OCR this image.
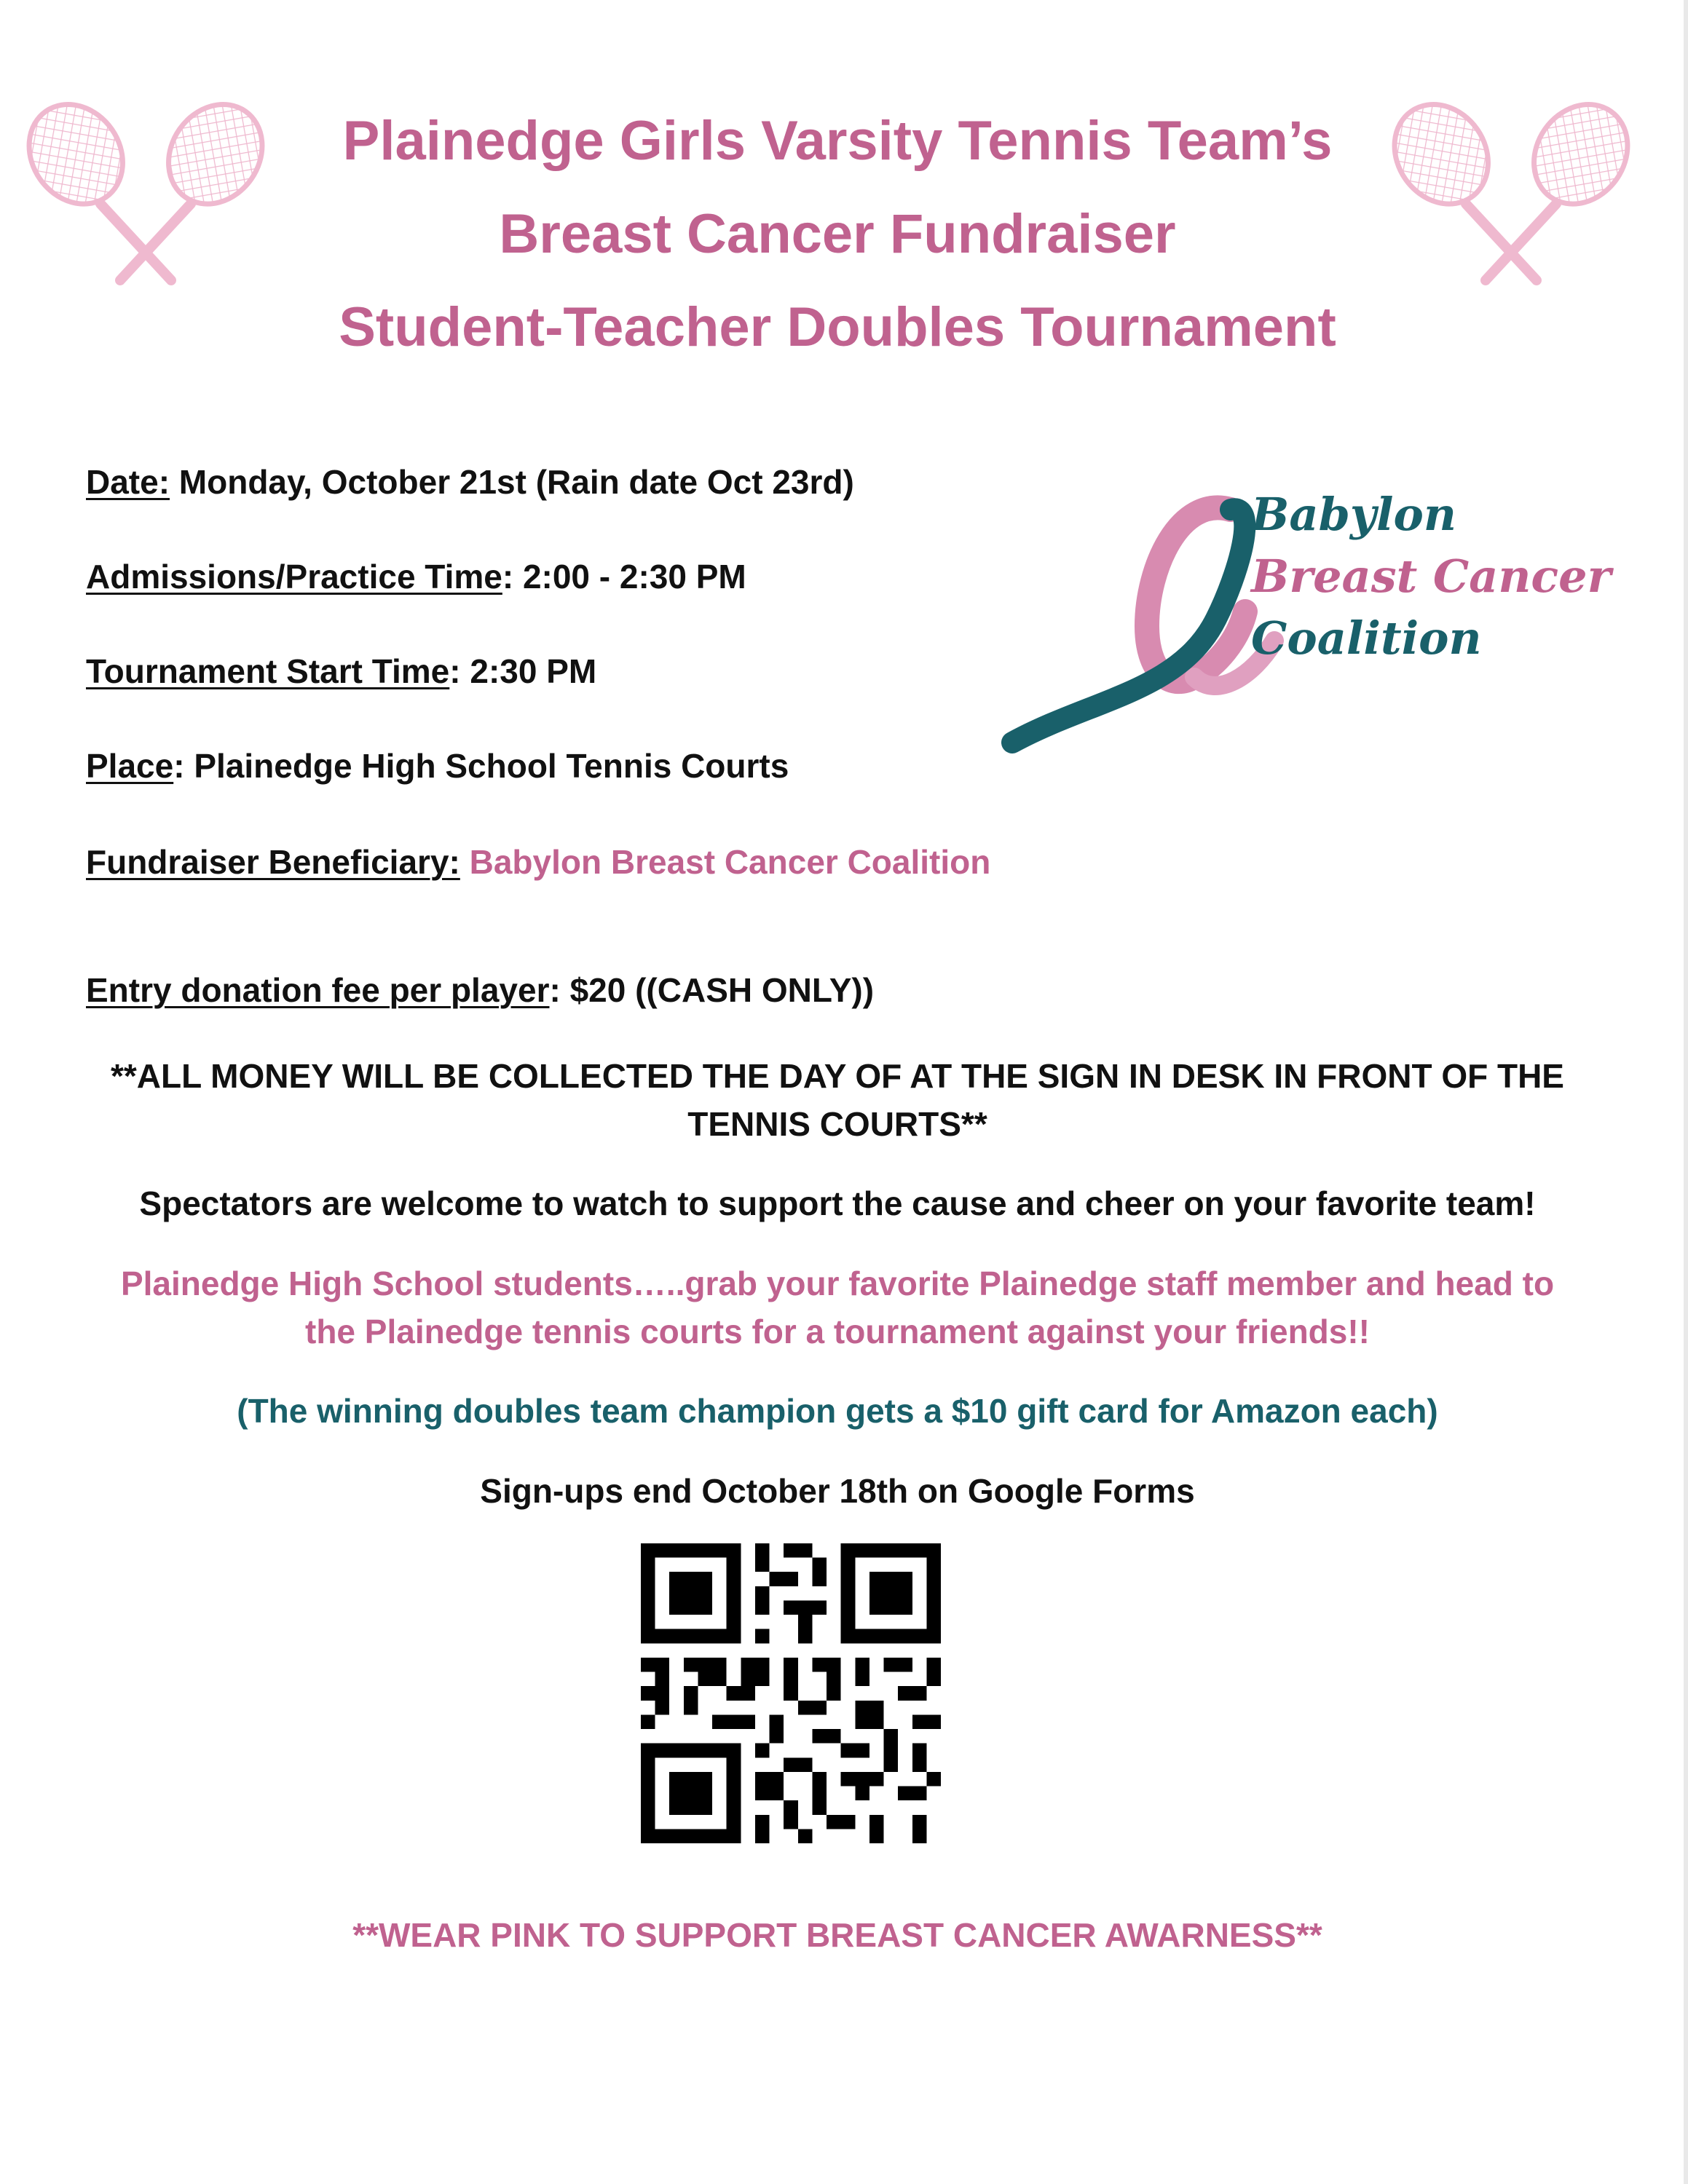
Plainedge Girls Varsity Tennis Team’s
Breast Cancer Fundraiser
Student-Teacher Doubles Tournament
Date: Monday, October 21st (Rain date Oct 23rd)
Admissions/Practice Time: 2:00 - 2:30 PM
Tournament Start Time: 2:30 PM
Place: Plainedge High School Tennis Courts
Fundraiser Beneficiary: Babylon Breast Cancer Coalition
Entry donation fee per player: $20 ((CASH ONLY))
Babylon
Breast Cancer
Coalition
**ALL MONEY WILL BE COLLECTED THE DAY OF AT THE SIGN IN DESK IN FRONT OF THE
TENNIS COURTS**
Spectators are welcome to watch to support the cause and cheer on your favorite team!
Plainedge High School students…..grab your favorite Plainedge staff member and head to
the Plainedge tennis courts for a tournament against your friends!!
(The winning doubles team champion gets a $10 gift card for Amazon each)
Sign-ups end October 18th on Google Forms
**WEAR PINK TO SUPPORT BREAST CANCER AWARNESS**
